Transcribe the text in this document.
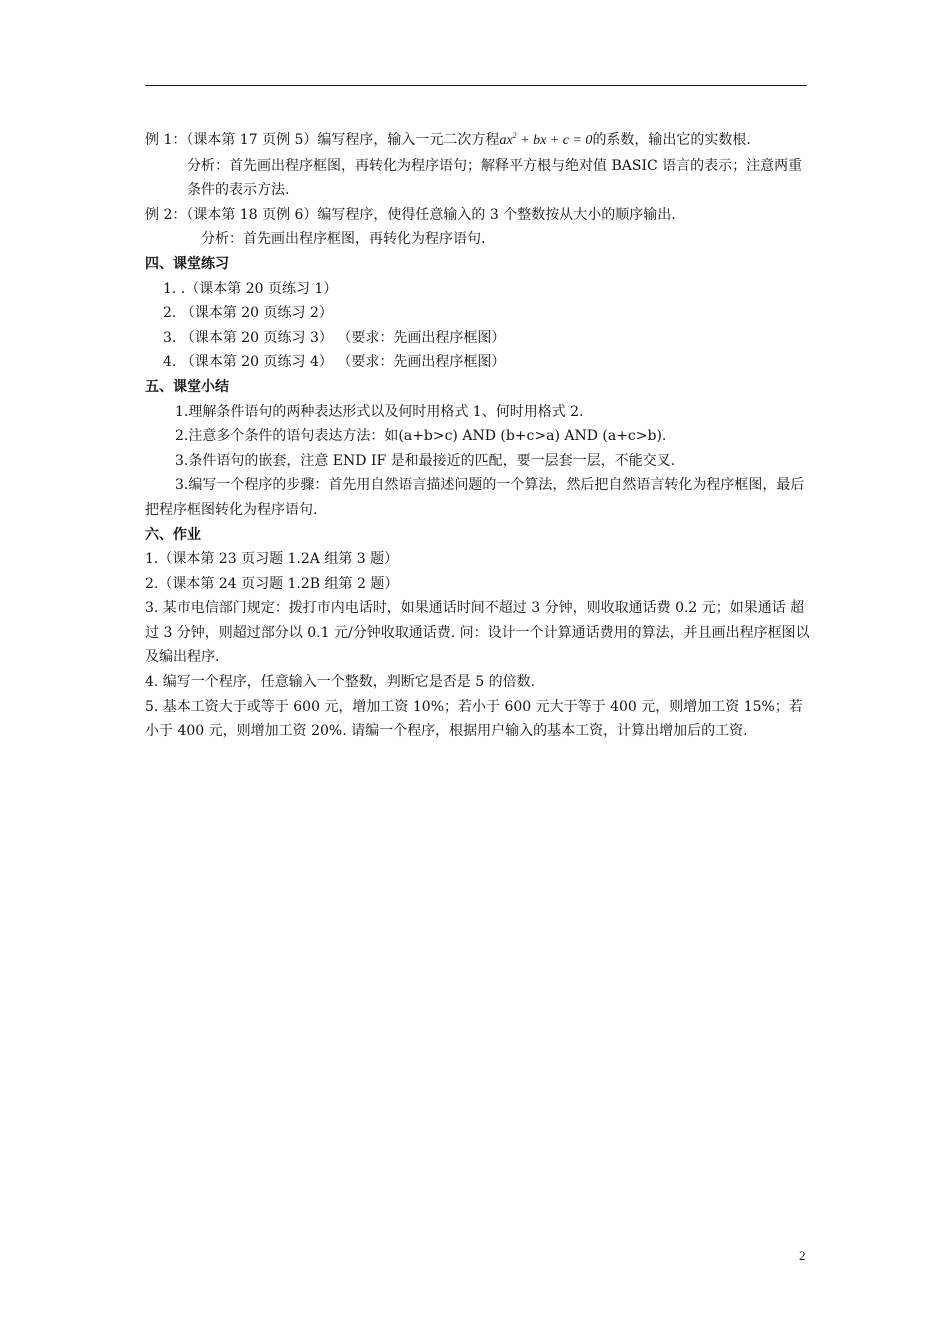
例 1：（课本第 17 页例 5）编写程序，输入一元二次方程$ax^2$ + bx + c = 0的系数，输出它的实数根.
分析：首先画出程序框图，再转化为程序语句；解释平方根与绝对值 BASIC 语言的表示；注意两重条件的表示方法.
例 2：（课本第 18 页例 6）编写程序，使得任意输入的 3 个整数按从大小的顺序输出.
分析：首先画出程序框图，再转化为程序语句.
四、课堂练习
1. .（课本第 20 页练习 1）
2. （课本第 20 页练习 2）
3. （课本第 20 页练习 3） （要求：先画出程序框图）
4. （课本第 20 页练习 4） （要求：先画出程序框图）
五、课堂小结
1.理解条件语句的两种表达形式以及何时用格式 1、何时用格式 2.
2.注意多个条件的语句表达方法：如(a+b>c) AND (b+c>a) AND (a+c>b).
3.条件语句的嵌套，注意 END IF 是和最接近的匹配，要一层套一层，不能交叉.
3.编写一个程序的步骤：首先用自然语言描述问题的一个算法，然后把自然语言转化为程序框图，最后把程序框图转化为程序语句.
六、作业
1.（课本第 23 页习题 1.2A 组第 3 题）
2.（课本第 24 页习题 1.2B 组第 2 题）
3. 某市电信部门规定：拨打市内电话时，如果通话时间不超过 3 分钟，则收取通话费 0.2 元；如果通话 超过 3 分钟，则超过部分以 0.1 元/分钟收取通话费. 问：设计一个计算通话费用的算法，并且画出程序框图以及编出程序.
4. 编写一个程序，任意输入一个整数，判断它是否是 5 的倍数.
5. 基本工资大于或等于 600 元，增加工资 10%；若小于 600 元大于等于 400 元，则增加工资 15%；若小于 400 元，则增加工资 20%. 请编一个程序，根据用户输入的基本工资，计算出增加后的工资.
2
